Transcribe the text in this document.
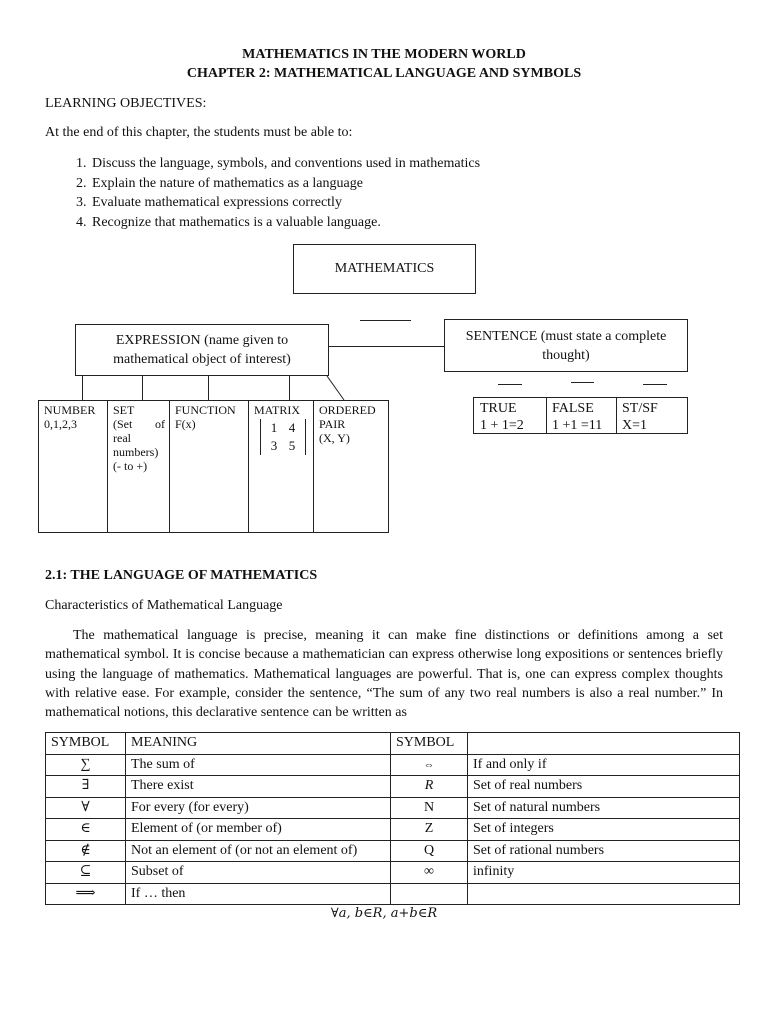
MATHEMATICS IN THE MODERN WORLD
CHAPTER 2: MATHEMATICAL LANGUAGE AND SYMBOLS
LEARNING OBJECTIVES:
At the end of this chapter, the students must be able to:
1. Discuss the language, symbols, and conventions used in mathematics
2. Explain the nature of mathematics as a language
3. Evaluate mathematical expressions correctly
4. Recognize that mathematics is a valuable language.
MATHEMATICS
EXPRESSION (name given to mathematical object of interest)
SENTENCE (must state a complete thought)
NUMBER
0,1,2,3
SET
(Set of real numbers) (- to +)
FUNCTION
F(x)
MATRIX
1 4
3 5
ORDERED PAIR
(X, Y)
TRUE
1 + 1=2
FALSE
1 +1 =11
ST/SF
X=1
2.1: THE LANGUAGE OF MATHEMATICS
Characteristics of Mathematical Language
The mathematical language is precise, meaning it can make fine distinctions or definitions among a set mathematical symbol. It is concise because a mathematician can express otherwise long expositions or sentences briefly using the language of mathematics. Mathematical languages are powerful. That is, one can express complex thoughts with relative ease. For example, consider the sentence, “The sum of any two real numbers is also a real number.” In mathematical notions, this declarative sentence can be written as
SYMBOL	MEANING	SYMBOL	
∑	The sum of	⇔	If and only if
∃	There exist	R	Set of real numbers
∀	For every (for every)	N	Set of natural numbers
∈	Element of (or member of)	Z	Set of integers
∉	Not an element of (or not an element of)	Q	Set of rational numbers
⊆	Subset of	∞	infinity
⟹	If … then		
∀a, b∈R, a+b∈R
